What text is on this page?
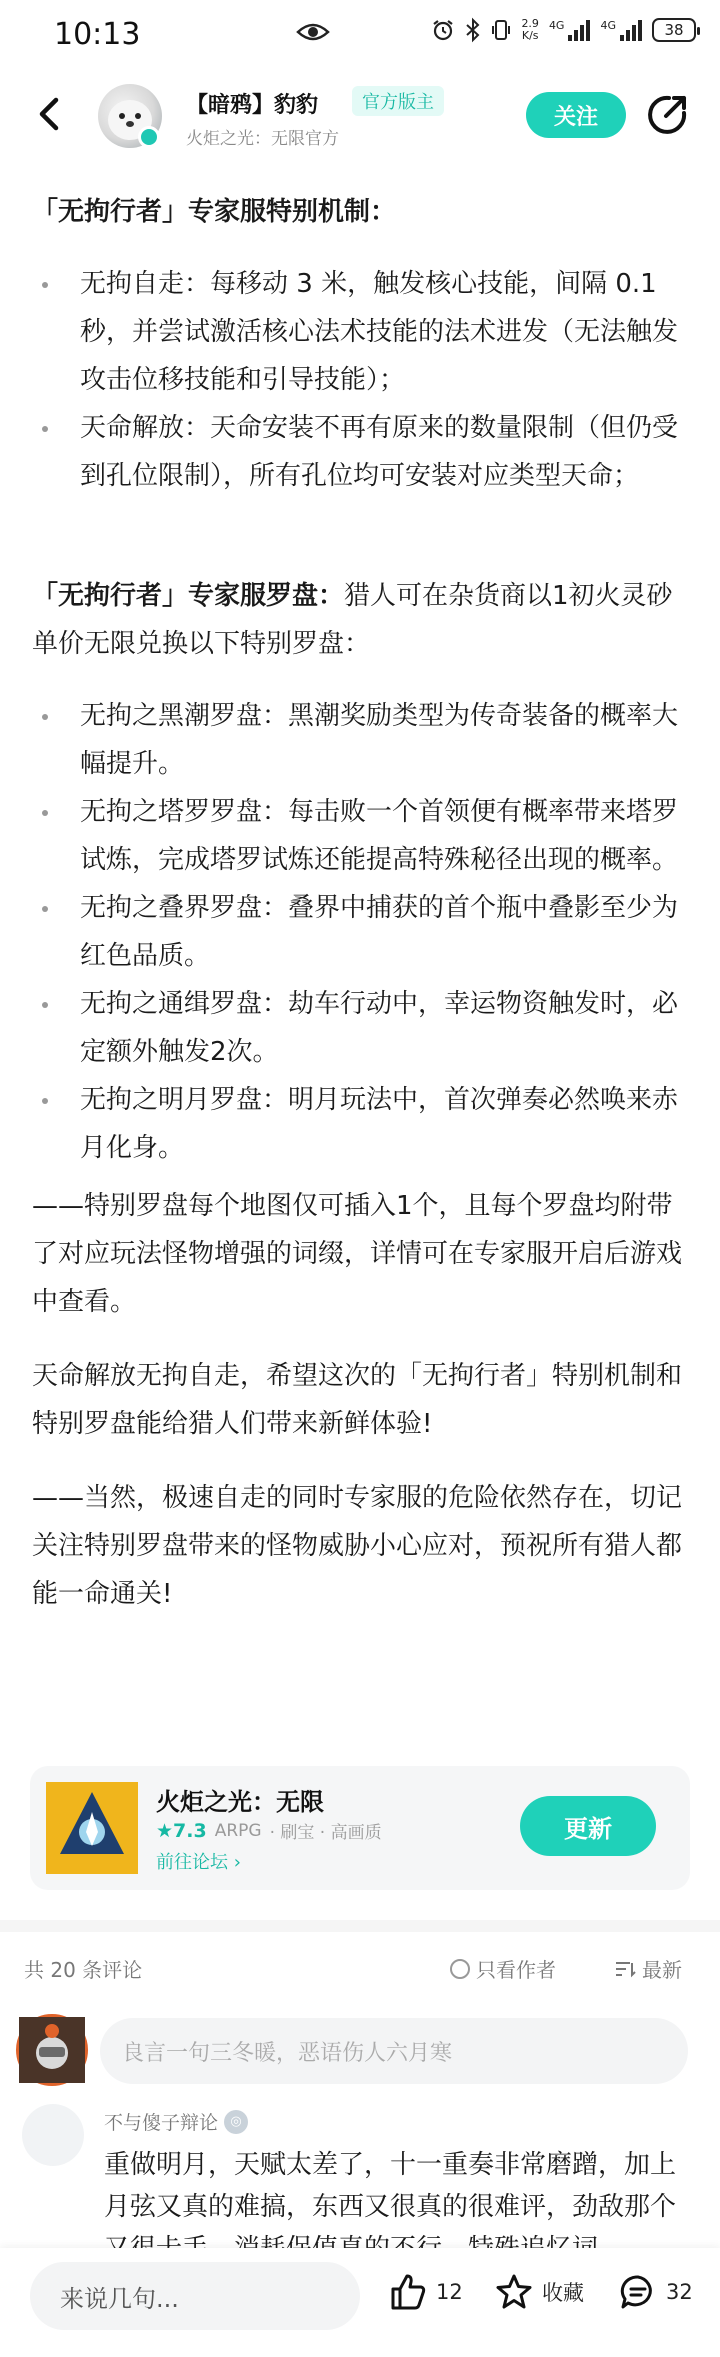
10:13	2.9
K/s
4G	4G	38
【暗鸦】豹豹	官方版主
火炬之光：无限官方
关注

「无拘行者」专家服特别机制：

无拘自走：每移动 3 米，触发核心技能，间隔 0.1 秒，并尝试激活核心法术技能的法术进发（无法触发攻击位移技能和引导技能）；
天命解放：天命安装不再有原来的数量限制（但仍受到孔位限制），所有孔位均可安装对应类型天命；

「无拘行者」专家服罗盘：猎人可在杂货商以1初火灵砂单价无限兑换以下特别罗盘：

无拘之黑潮罗盘：黑潮奖励类型为传奇装备的概率大幅提升。
无拘之塔罗罗盘：每击败一个首领便有概率带来塔罗试炼，完成塔罗试炼还能提高特殊秘径出现的概率。
无拘之叠界罗盘：叠界中捕获的首个瓶中叠影至少为红色品质。
无拘之通缉罗盘：劫车行动中，幸运物资触发时，必定额外触发2次。
无拘之明月罗盘：明月玩法中，首次弹奏必然唤来赤月化身。

——特别罗盘每个地图仅可插入1个，且每个罗盘均附带了对应玩法怪物增强的词缀，详情可在专家服开启后游戏中查看。

天命解放无拘自走，希望这次的「无拘行者」特别机制和特别罗盘能给猎人们带来新鲜体验!

——当然，极速自走的同时专家服的危险依然存在，切记关注特别罗盘带来的怪物威胁小心应对，预祝所有猎人都能一命通关!

火炬之光：无限
★7.3 ARPG · 刷宝 · 高画质
前往论坛 ›
更新
共 20 条评论	只看作者	最新
良言一句三冬暖，恶语伤人六月寒
不与傻子辩论 ◎
重做明月，天赋太差了，十一重奏非常磨蹭，加上月弦又真的难搞，东西又很真的很难评，劲敌那个
来说几句...	12	收藏	32
